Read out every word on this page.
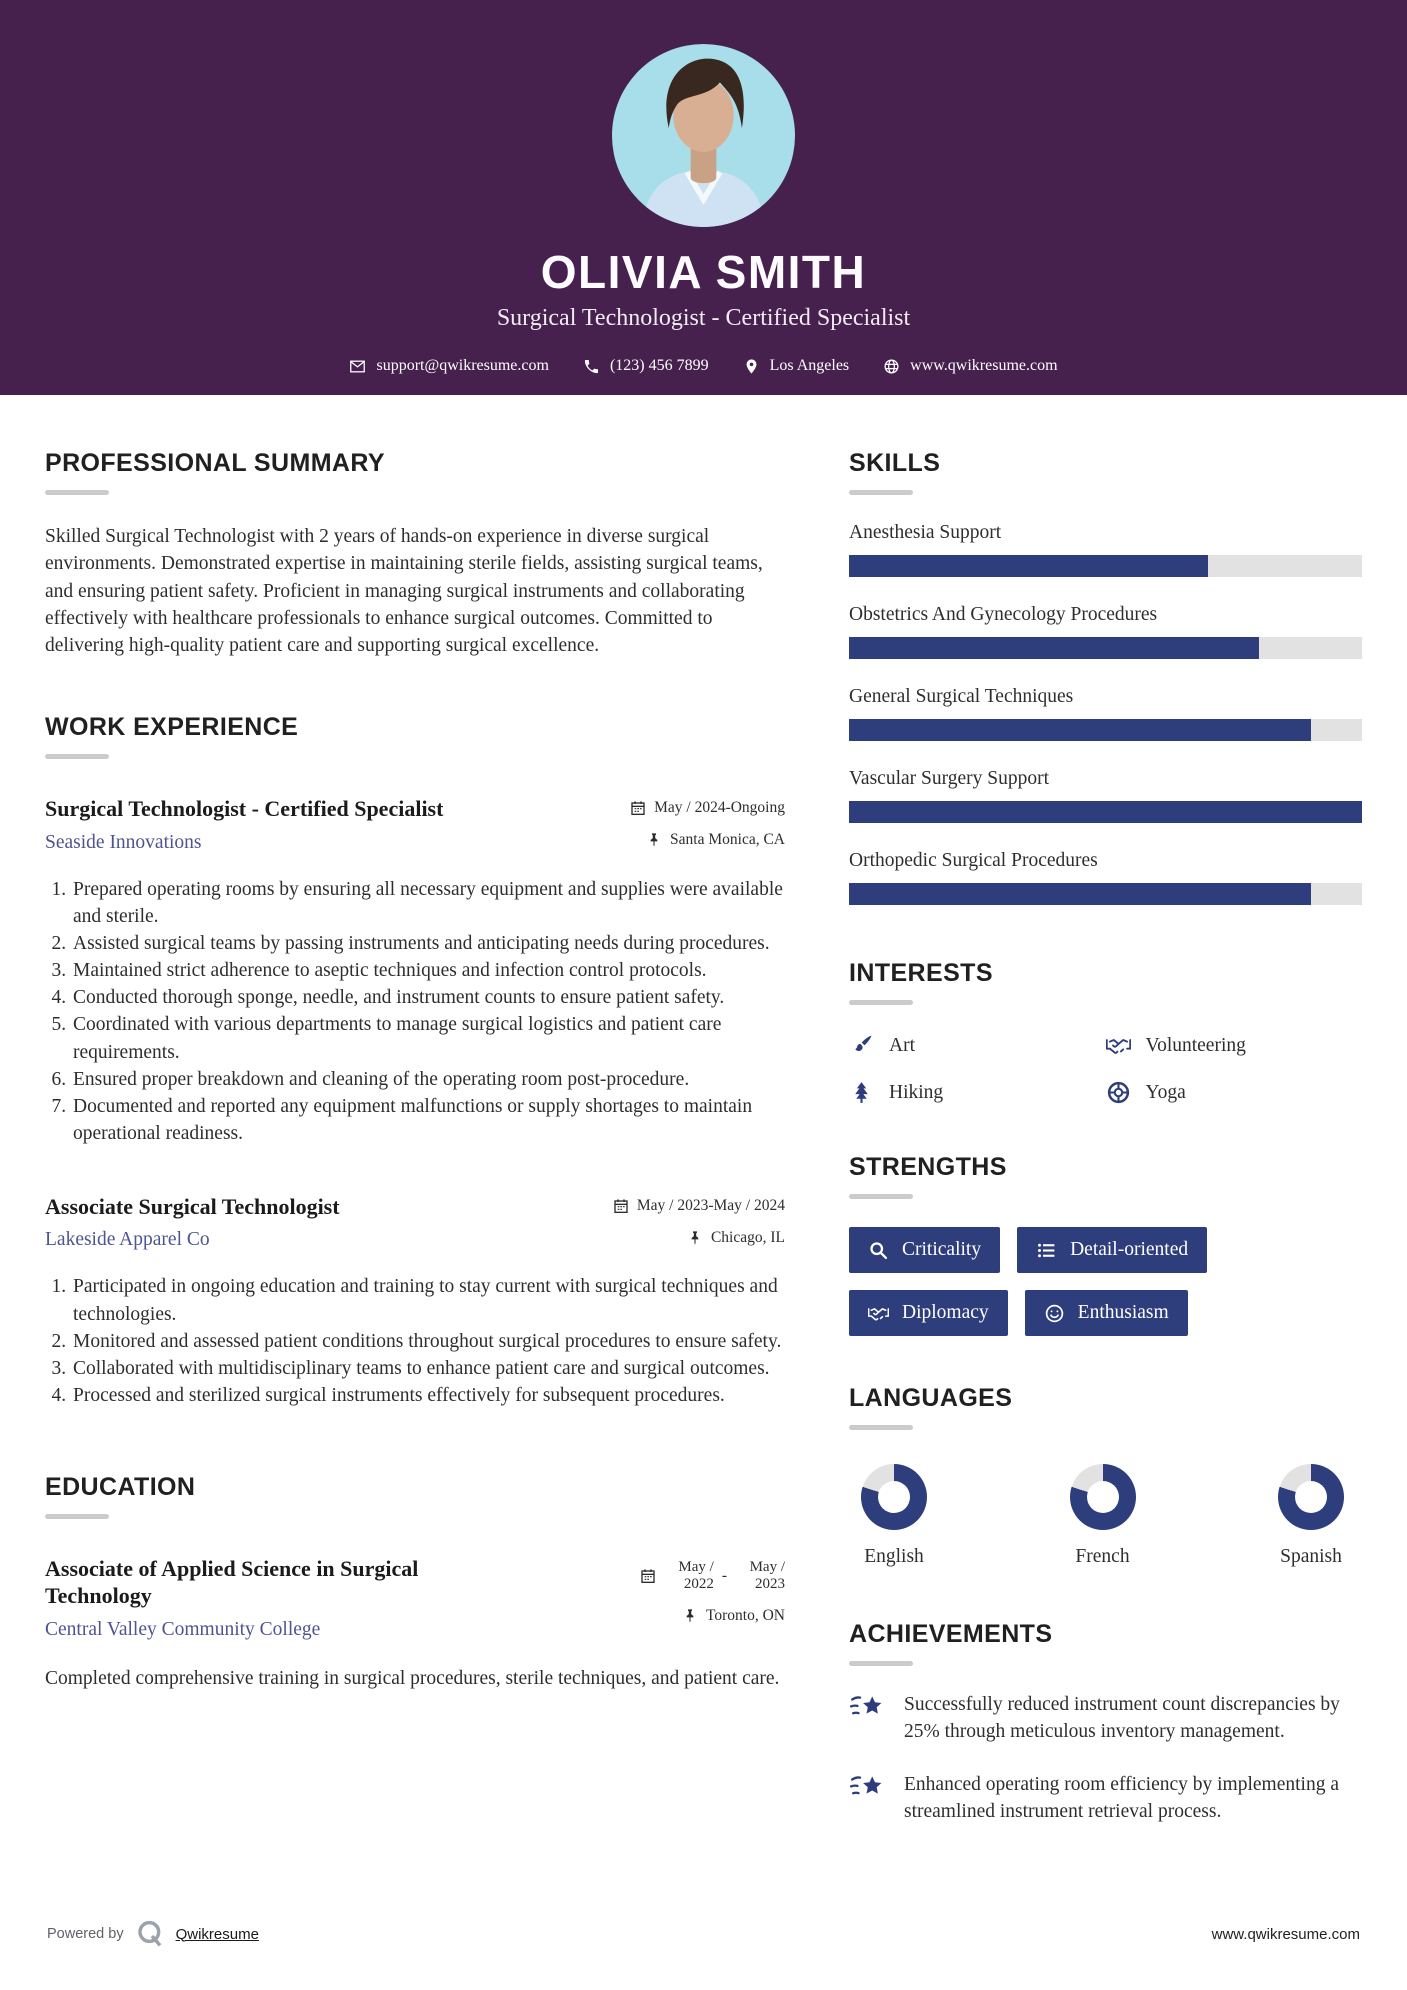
OLIVIA SMITH
Surgical Technologist - Certified Specialist
support@qwikresume.com	(123) 456 7899	Los Angeles	www.qwikresume.com
PROFESSIONAL SUMMARY

Skilled Surgical Technologist with 2 years of hands-on experience in diverse surgical environments. Demonstrated expertise in maintaining sterile fields, assisting surgical teams, and ensuring patient safety. Proficient in managing surgical instruments and collaborating effectively with healthcare professionals to enhance surgical outcomes. Committed to delivering high-quality patient care and supporting surgical excellence.

WORK EXPERIENCE
Surgical Technologist - Certified Specialist
Seaside Innovations
May / 2024-Ongoing
Santa Monica, CA
1. Prepared operating rooms by ensuring all necessary equipment and supplies were available and sterile.
2. Assisted surgical teams by passing instruments and anticipating needs during procedures.
3. Maintained strict adherence to aseptic techniques and infection control protocols.
4. Conducted thorough sponge, needle, and instrument counts to ensure patient safety.
5. Coordinated with various departments to manage surgical logistics and patient care requirements.
6. Ensured proper breakdown and cleaning of the operating room post-procedure.
7. Documented and reported any equipment malfunctions or supply shortages to maintain operational readiness.
Associate Surgical Technologist
Lakeside Apparel Co
May / 2023-May / 2024
Chicago, IL
1. Participated in ongoing education and training to stay current with surgical techniques and technologies.
2. Monitored and assessed patient conditions throughout surgical procedures to ensure safety.
3. Collaborated with multidisciplinary teams to enhance patient care and surgical outcomes.
4. Processed and sterilized surgical instruments effectively for subsequent procedures.
EDUCATION
Associate of Applied Science in Surgical Technology
Central Valley Community College
May / 2022 -
May / 2023
Toronto, ON

Completed comprehensive training in surgical procedures, sterile techniques, and patient care.

SKILLS
Anesthesia Support
Obstetrics And Gynecology Procedures
General Surgical Techniques
Vascular Surgery Support
Orthopedic Surgical Procedures
INTERESTS
Art	Volunteering
Hiking	Yoga
STRENGTHS
Criticality	Detail-oriented
Diplomacy	Enthusiasm
LANGUAGES
English	French	Spanish
ACHIEVEMENTS
Successfully reduced instrument count discrepancies by 25% through meticulous inventory management.
Enhanced operating room efficiency by implementing a streamlined instrument retrieval process.
Powered by	Qwikresume	www.qwikresume.com
